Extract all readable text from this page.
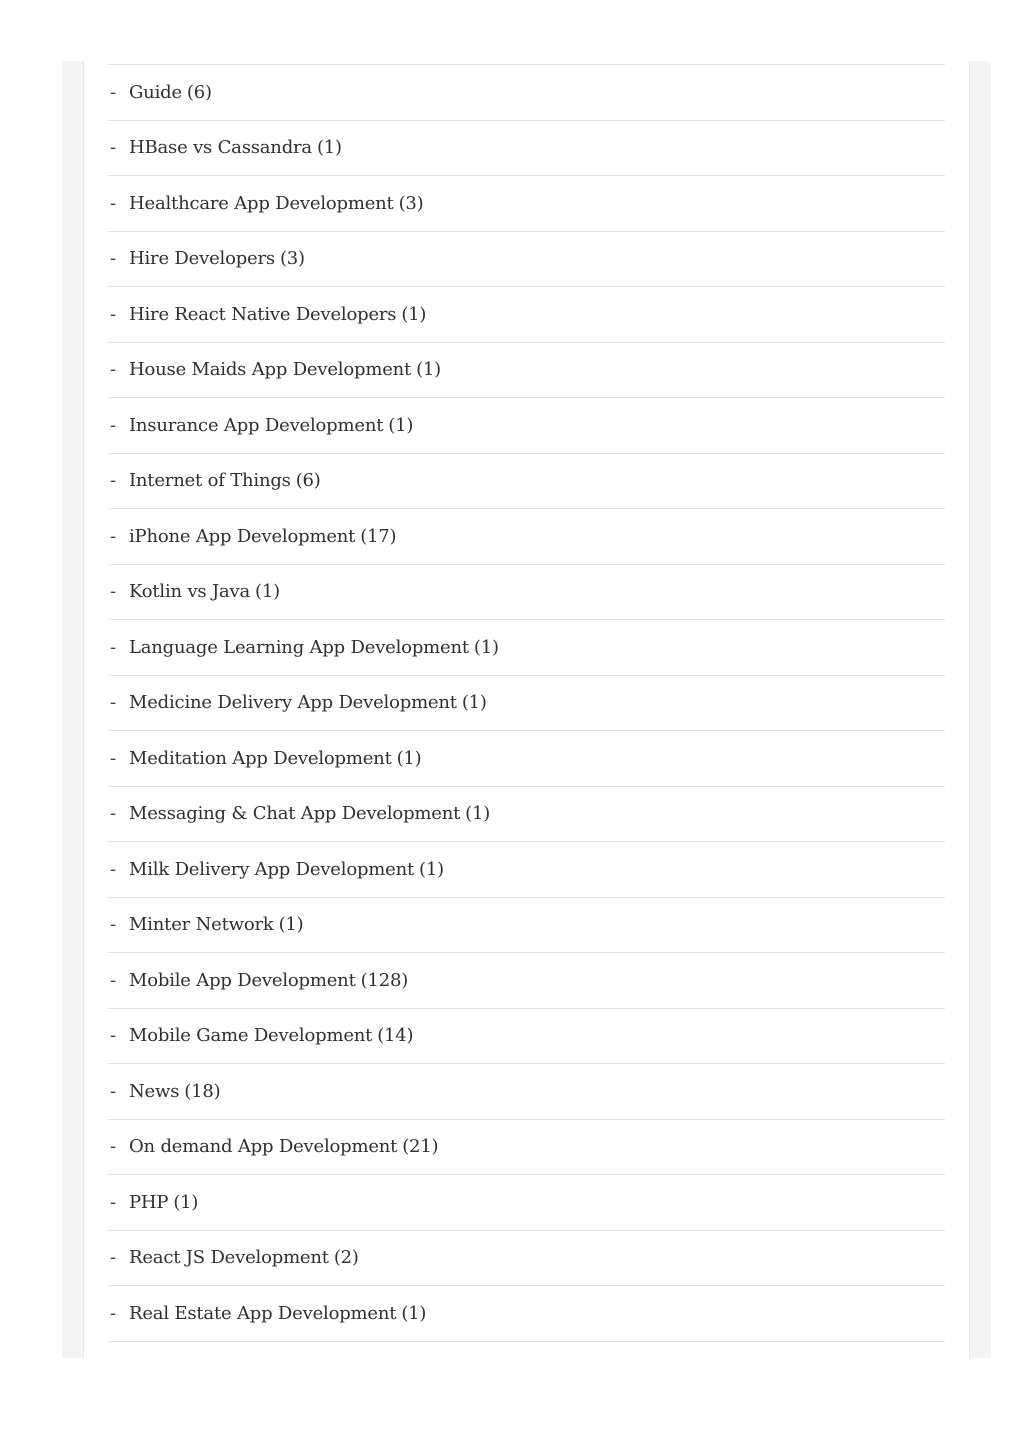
- Guide (6)
- HBase vs Cassandra (1)
- Healthcare App Development (3)
- Hire Developers (3)
- Hire React Native Developers (1)
- House Maids App Development (1)
- Insurance App Development (1)
- Internet of Things (6)
- iPhone App Development (17)
- Kotlin vs Java (1)
- Language Learning App Development (1)
- Medicine Delivery App Development (1)
- Meditation App Development (1)
- Messaging & Chat App Development (1)
- Milk Delivery App Development (1)
- Minter Network (1)
- Mobile App Development (128)
- Mobile Game Development (14)
- News (18)
- On demand App Development (21)
- PHP (1)
- React JS Development (2)
- Real Estate App Development (1)
